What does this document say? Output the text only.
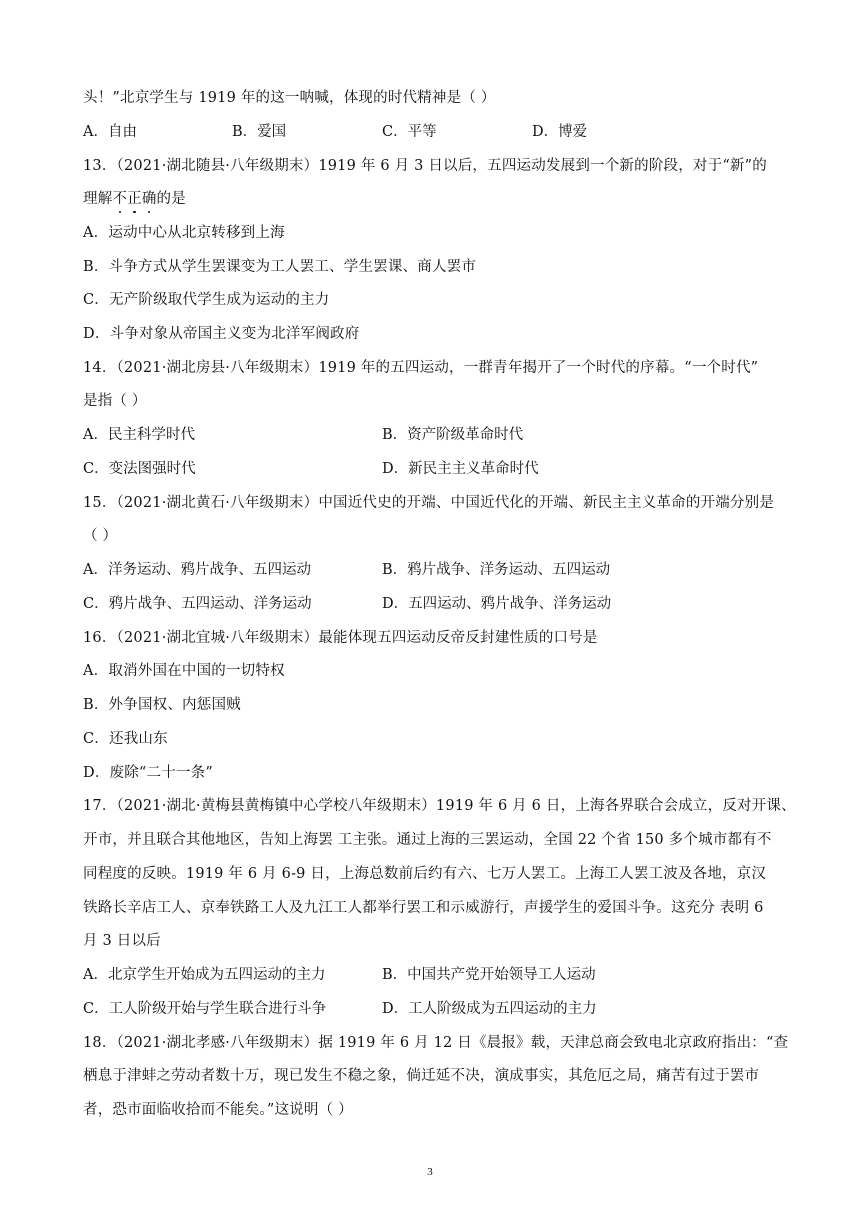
头！”北京学生与 1919 年的这一呐喊，体现的时代精神是（ ）
A．自由	B．爱国	C．平等	D．博爱
13．（2021·湖北随县·八年级期末）1919 年 6 月 3 日以后，五四运动发展到一个新的阶段，对于“新”的
理解不正确的是
A．运动中心从北京转移到上海
B．斗争方式从学生罢课变为工人罢工、学生罢课、商人罢市
C．无产阶级取代学生成为运动的主力
D．斗争对象从帝国主义变为北洋军阀政府
14．（2021·湖北房县·八年级期末）1919 年的五四运动，一群青年揭开了一个时代的序幕。“一个时代”
是指（ ）
A．民主科学时代	B．资产阶级革命时代
C．变法图强时代	D．新民主主义革命时代
15．（2021·湖北黄石·八年级期末）中国近代史的开端、中国近代化的开端、新民主主义革命的开端分别是
（ ）
A．洋务运动、鸦片战争、五四运动	B．鸦片战争、洋务运动、五四运动
C．鸦片战争、五四运动、洋务运动	D．五四运动、鸦片战争、洋务运动
16．（2021·湖北宜城·八年级期末）最能体现五四运动反帝反封建性质的口号是
A．取消外国在中国的一切特权
B．外争国权、内惩国贼
C．还我山东
D．废除“二十一条”
17．（2021·湖北·黄梅县黄梅镇中心学校八年级期末）1919 年 6 月 6 日，上海各界联合会成立，反对开课、
开市，并且联合其他地区，告知上海罢 工主张。通过上海的三罢运动，全国 22 个省 150 多个城市都有不
同程度的反映。1919 年 6 月 6-9 日，上海总数前后约有六、七万人罢工。上海工人罢工波及各地，京汉
铁路长辛店工人、京奉铁路工人及九江工人都举行罢工和示威游行，声援学生的爱国斗争。这充分 表明 6
月 3 日以后
A．北京学生开始成为五四运动的主力	B．中国共产党开始领导工人运动
C．工人阶级开始与学生联合进行斗争	D．工人阶级成为五四运动的主力
18．（2021·湖北孝感·八年级期末）据 1919 年 6 月 12 日《晨报》载，天津总商会致电北京政府指出：“查
栖息于津蚌之劳动者数十万，现已发生不稳之象，倘迁延不决，演成事实，其危厄之局，痛苦有过于罢市
者，恐市面临收拾而不能矣。”这说明（ ）
3
